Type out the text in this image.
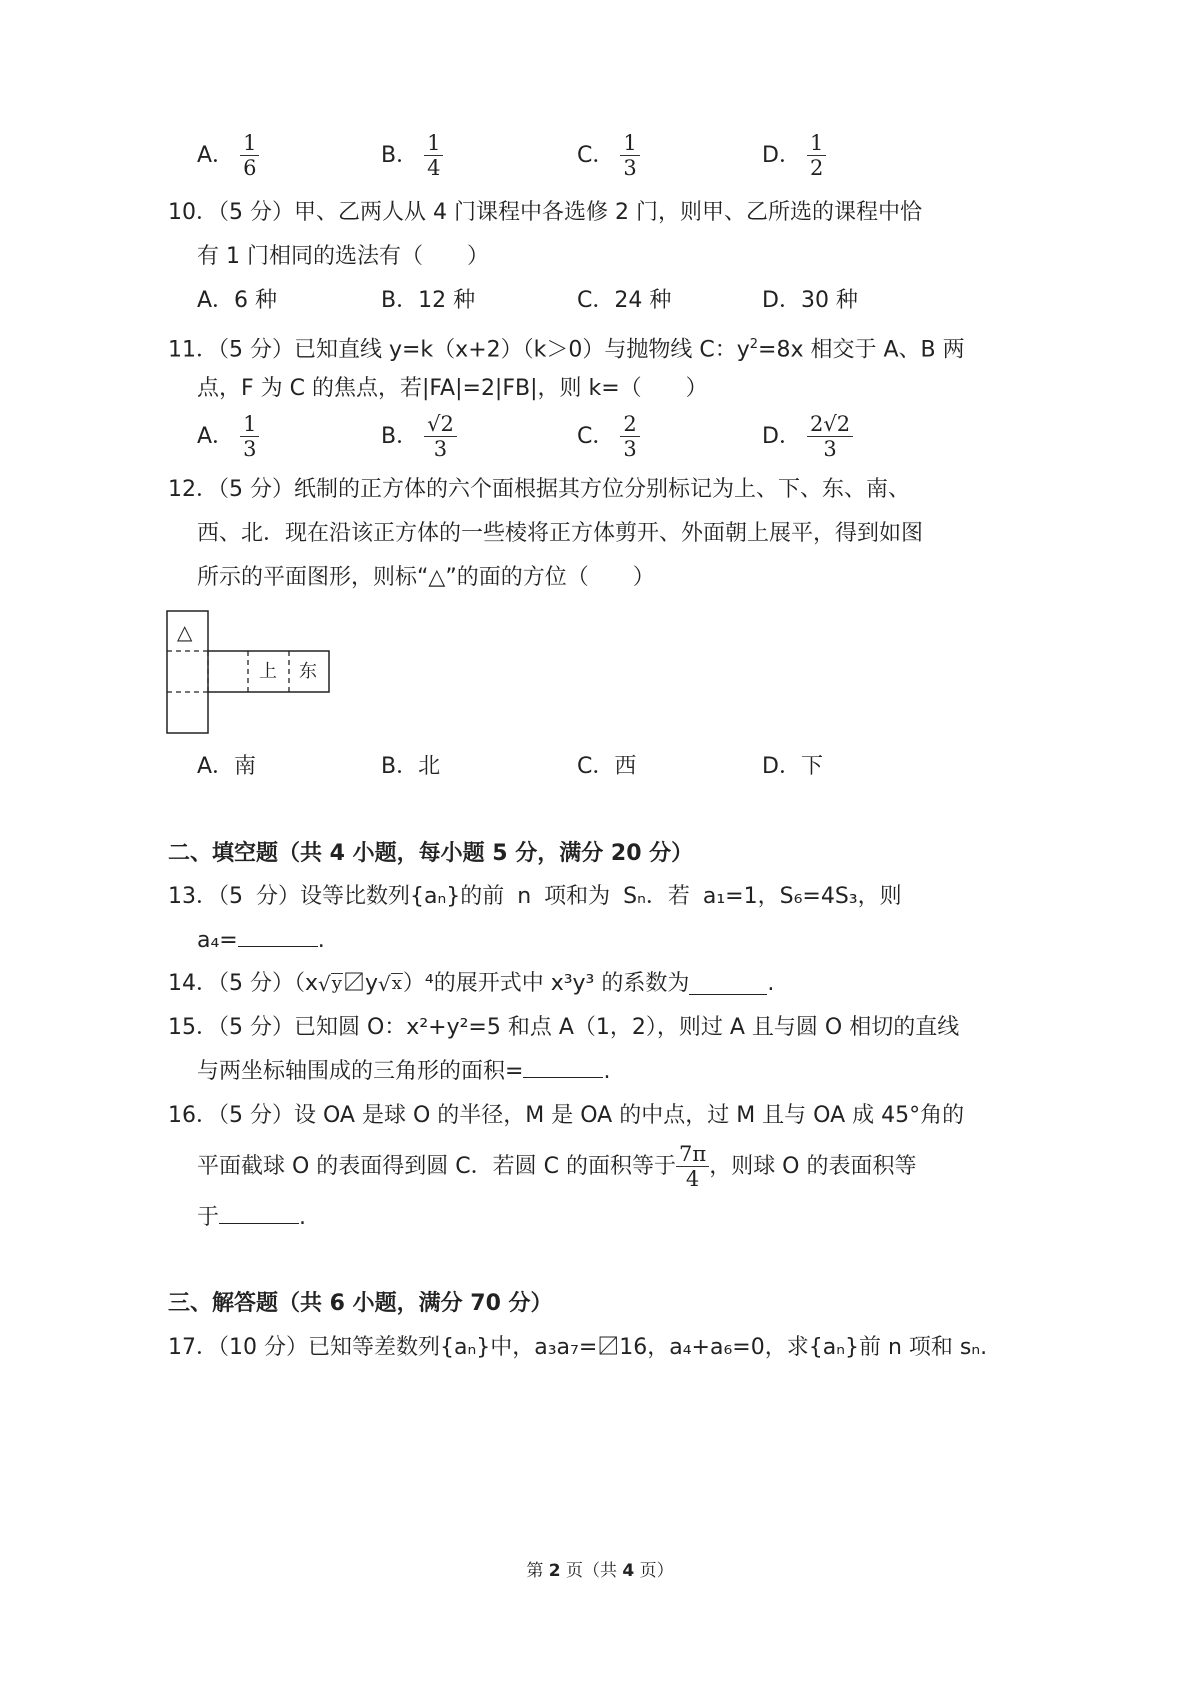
A． $\frac{1}{6}$	B． $\frac{1}{4}$	C． $\frac{1}{3}$	D． $\frac{1}{2}$
10．（5 分）甲、乙两人从 4 门课程中各选修 2 门，则甲、乙所选的课程中恰
有 1 门相同的选法有（　　）
A．6 种	B．12 种	C．24 种	D．30 种
11．（5 分）已知直线 y=k（x+2）（k＞0）与抛物线 C：$y^2=8x$ 相交于 A、B 两
点，F 为 C 的焦点，若|FA|=2|FB|，则 k=（　　）
A． $\frac{1}{3}$	B． $\frac{√2}{3}$	C． $\frac{2}{3}$	D． $\frac{2√2}{3}$
12．（5 分）纸制的正方体的六个面根据其方位分别标记为上、下、东、南、
西、北．现在沿该正方体的一些棱将正方体剪开、外面朝上展平，得到如图
所示的平面图形，则标“△”的面的方位（　　）
△
上 东
A．南	B．北	C．西	D．下
二、填空题（共 4 小题，每小题 5 分，满分 20 分）
13．（5 分）设等比数列{aₙ}的前 n 项和为 Sₙ．若 a₁=1，S₆=4S₃，则
a₄=	.
14．（5 分）（x √ y 〼y √ x ）⁴的展开式中 x³y³ 的系数为	.
15．（5 分）已知圆 O：x²+y²=5 和点 A（1，2），则过 A 且与圆 O 相切的直线
与两坐标轴围成的三角形的面积=	.
16．（5 分）设 OA 是球 O 的半径，M 是 OA 的中点，过 M 且与 OA 成 45°角的
平面截球 O 的表面得到圆 C．若圆 C 的面积等于 $\frac{7\pi}{4}$ ，则球 O 的表面积等
于	.
三、解答题（共 6 小题，满分 70 分）
17．（10 分）已知等差数列{aₙ}中，a₃a₇=〼16，a₄+a₆=0，求{aₙ}前 n 项和 sₙ.
第 2 页（共 4 页）
